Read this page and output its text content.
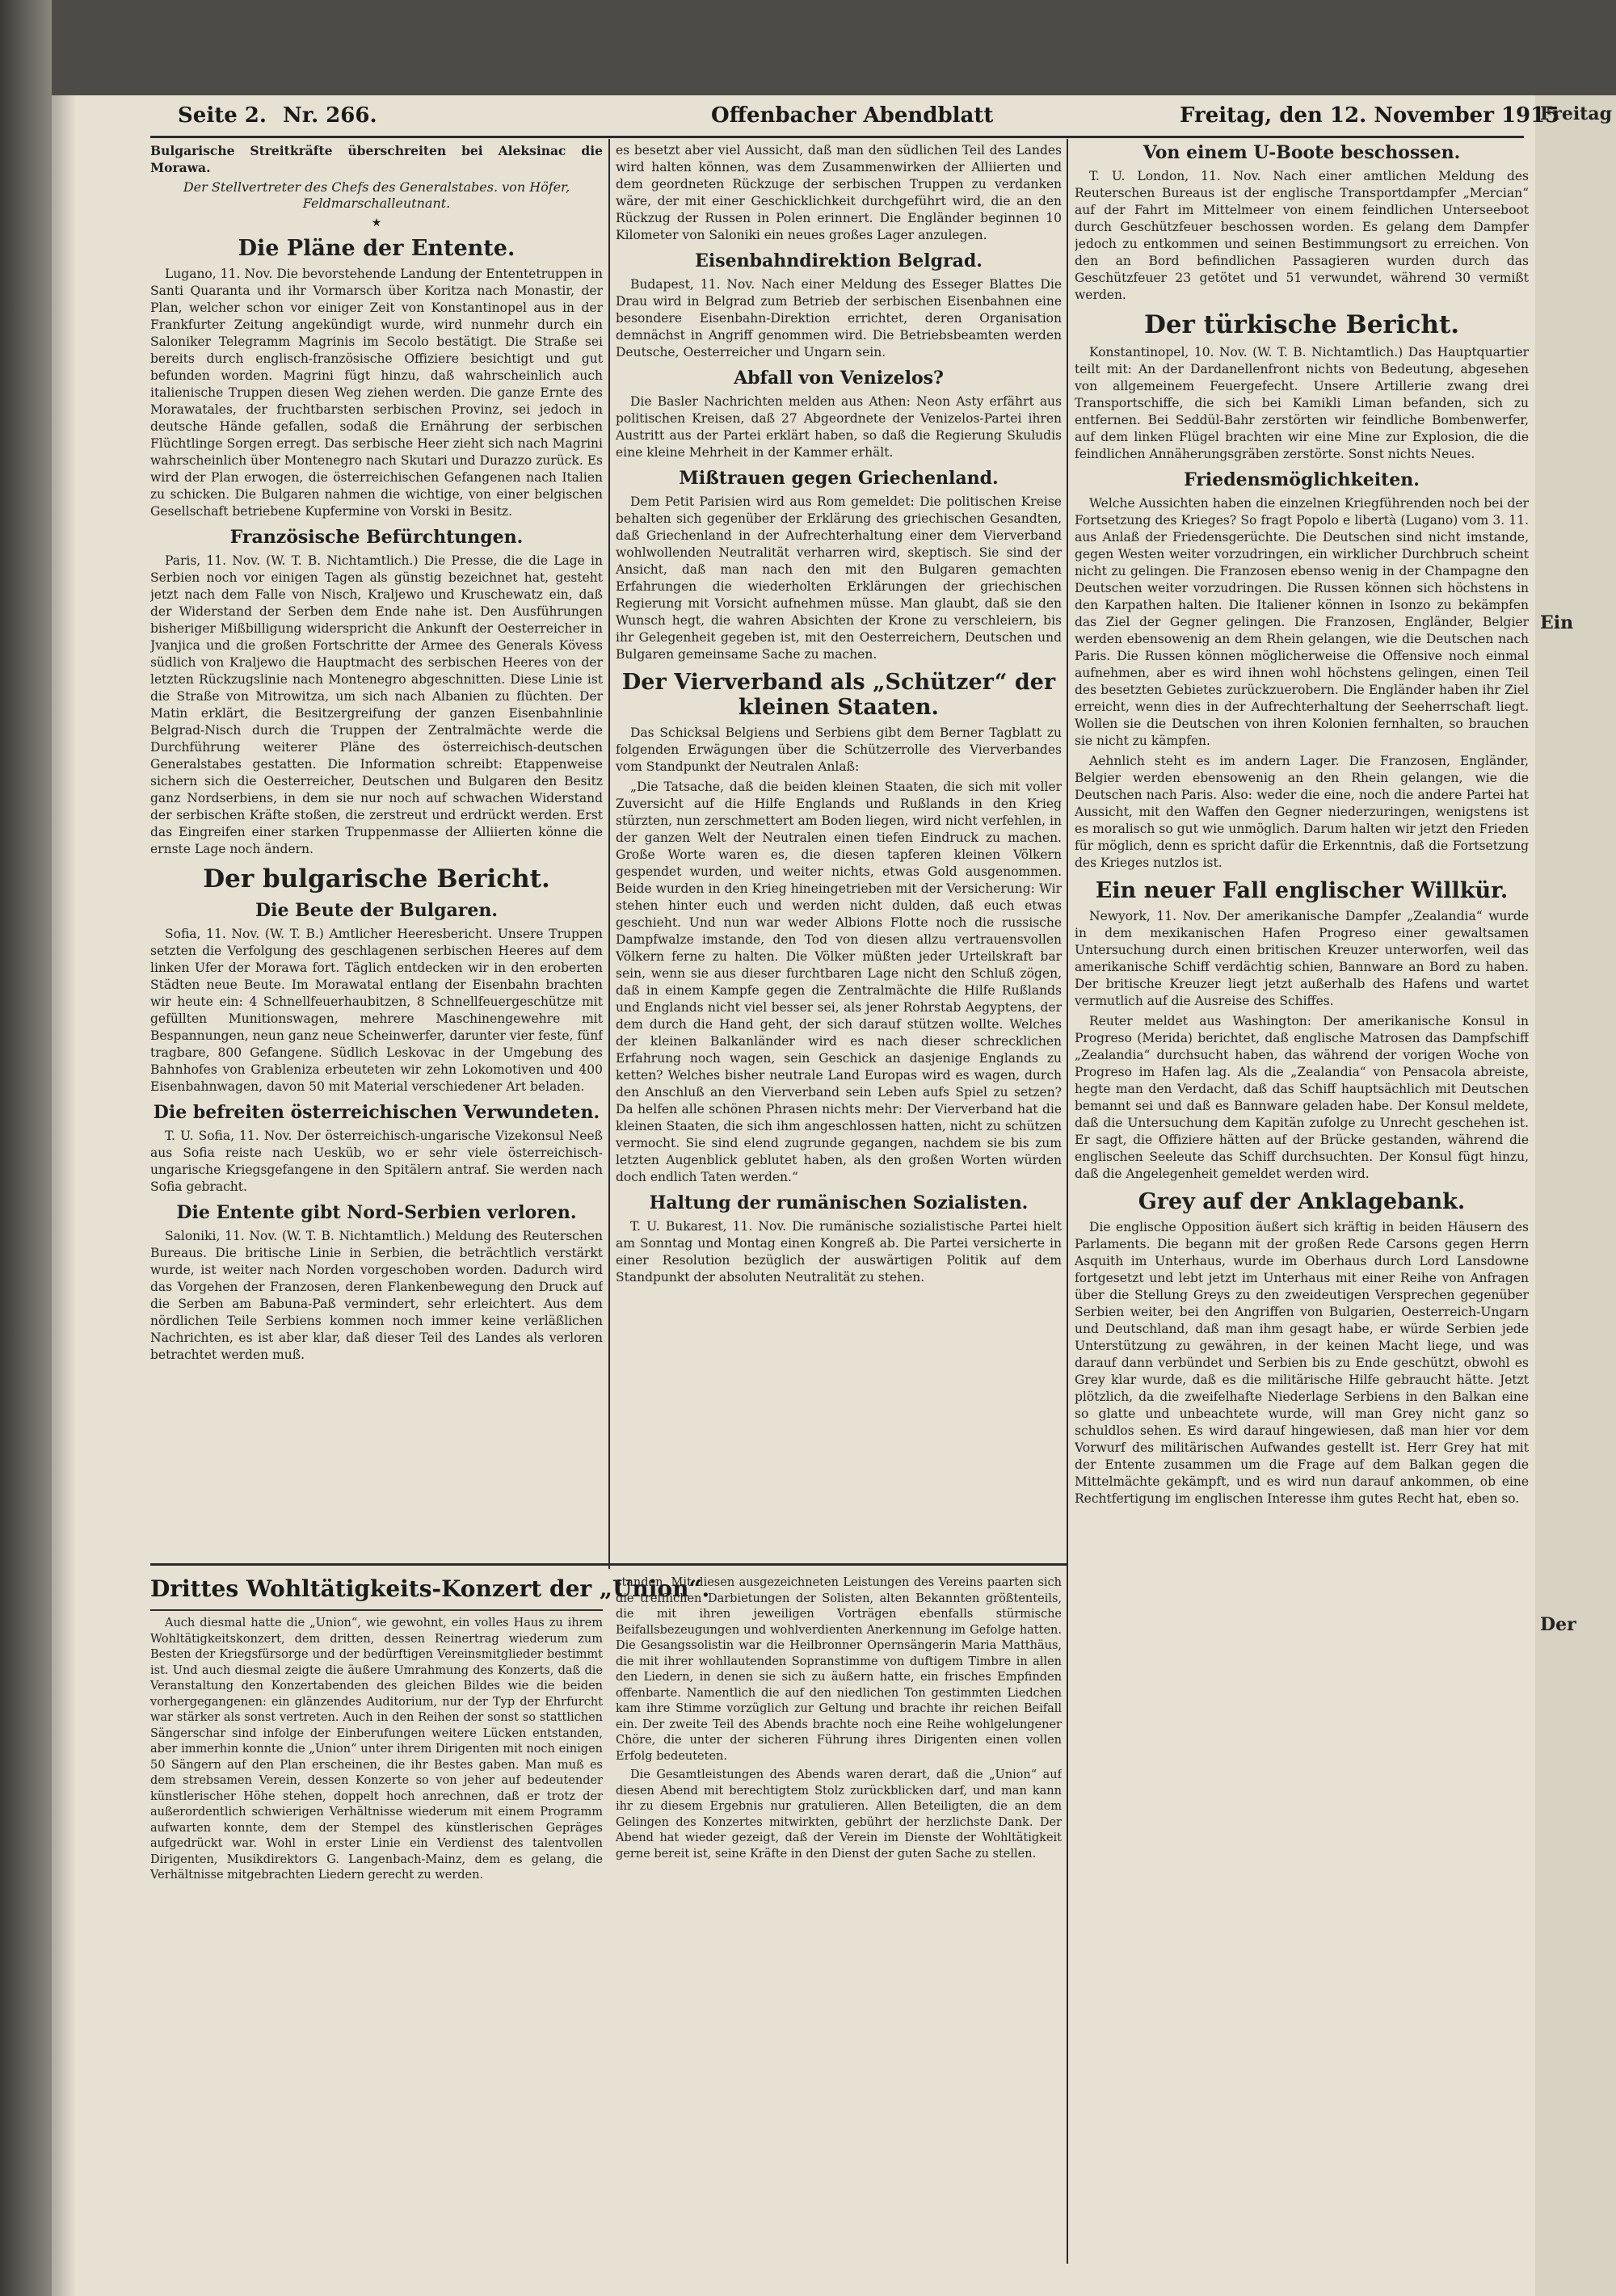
Freitag
Ein
Der
Seite 2. Nr. 266.	Offenbacher Abendblatt	Freitag, den 12. November 1915

Bulgarische Streitkräfte überschreiten bei Aleksinac die Morawa.

Der Stellvertreter des Chefs des Generalstabes. von Höfer, Feldmarschalleutnant.
★
Die Pläne der Entente.

Lugano, 11. Nov. Die bevorstehende Landung der Ententetruppen in Santi Quaranta und ihr Vormarsch über Koritza nach Monastir, der Plan, welcher schon vor einiger Zeit von Konstantinopel aus in der Frankfurter Zeitung angekündigt wurde, wird nunmehr durch ein Saloniker Telegramm Magrinis im Secolo bestätigt. Die Straße sei bereits durch englisch-französische Offiziere besichtigt und gut befunden worden. Magrini fügt hinzu, daß wahrscheinlich auch italienische Truppen diesen Weg ziehen werden. Die ganze Ernte des Morawatales, der fruchtbarsten serbischen Provinz, sei jedoch in deutsche Hände gefallen, sodaß die Ernährung der serbischen Flüchtlinge Sorgen erregt. Das serbische Heer zieht sich nach Magrini wahrscheinlich über Montenegro nach Skutari und Durazzo zurück. Es wird der Plan erwogen, die österreichischen Gefangenen nach Italien zu schicken. Die Bulgaren nahmen die wichtige, von einer belgischen Gesellschaft betriebene Kupfermine von Vorski in Besitz.

Französische Befürchtungen.

Paris, 11. Nov. (W. T. B. Nichtamtlich.) Die Presse, die die Lage in Serbien noch vor einigen Tagen als günstig bezeichnet hat, gesteht jetzt nach dem Falle von Nisch, Kraljewo und Kruschewatz ein, daß der Widerstand der Serben dem Ende nahe ist. Den Ausführungen bisheriger Mißbilligung widerspricht die Ankunft der Oesterreicher in Jvanjica und die großen Fortschritte der Armee des Generals Kövess südlich von Kraljewo die Hauptmacht des serbischen Heeres von der letzten Rückzugslinie nach Montenegro abgeschnitten. Diese Linie ist die Straße von Mitrowitza, um sich nach Albanien zu flüchten. Der Matin erklärt, die Besitzergreifung der ganzen Eisenbahnlinie Belgrad-Nisch durch die Truppen der Zentralmächte werde die Durchführung weiterer Pläne des österreichisch-deutschen Generalstabes gestatten. Die Information schreibt: Etappenweise sichern sich die Oesterreicher, Deutschen und Bulgaren den Besitz ganz Nordserbiens, in dem sie nur noch auf schwachen Widerstand der serbischen Kräfte stoßen, die zerstreut und erdrückt werden. Erst das Eingreifen einer starken Truppenmasse der Alliierten könne die ernste Lage noch ändern.

Der bulgarische Bericht.
Die Beute der Bulgaren.

Sofia, 11. Nov. (W. T. B.) Amtlicher Heeresbericht. Unsere Truppen setzten die Verfolgung des geschlagenen serbischen Heeres auf dem linken Ufer der Morawa fort. Täglich entdecken wir in den eroberten Städten neue Beute. Im Morawatal entlang der Eisenbahn brachten wir heute ein: 4 Schnellfeuerhaubitzen, 8 Schnellfeuergeschütze mit gefüllten Munitionswagen, mehrere Maschinengewehre mit Bespannungen, neun ganz neue Scheinwerfer, darunter vier feste, fünf tragbare, 800 Gefangene. Südlich Leskovac in der Umgebung des Bahnhofes von Grableniza erbeuteten wir zehn Lokomotiven und 400 Eisenbahnwagen, davon 50 mit Material verschiedener Art beladen.

Die befreiten österreichischen Verwundeten.

T. U. Sofia, 11. Nov. Der österreichisch-ungarische Vizekonsul Neeß aus Sofia reiste nach Uesküb, wo er sehr viele österreichisch-ungarische Kriegsgefangene in den Spitälern antraf. Sie werden nach Sofia gebracht.

Die Entente gibt Nord-Serbien verloren.

Saloniki, 11. Nov. (W. T. B. Nichtamtlich.) Meldung des Reuterschen Bureaus. Die britische Linie in Serbien, die beträchtlich verstärkt wurde, ist weiter nach Norden vorgeschoben worden. Dadurch wird das Vorgehen der Franzosen, deren Flankenbewegung den Druck auf die Serben am Babuna-Paß vermindert, sehr erleichtert. Aus dem nördlichen Teile Serbiens kommen noch immer keine verläßlichen Nachrichten, es ist aber klar, daß dieser Teil des Landes als verloren betrachtet werden muß.

es besetzt aber viel Aussicht, daß man den südlichen Teil des Landes wird halten können, was dem Zusammenwirken der Alliierten und dem geordneten Rückzuge der serbischen Truppen zu verdanken wäre, der mit einer Geschicklichkeit durchgeführt wird, die an den Rückzug der Russen in Polen erinnert. Die Engländer beginnen 10 Kilometer von Saloniki ein neues großes Lager anzulegen.

Eisenbahndirektion Belgrad.

Budapest, 11. Nov. Nach einer Meldung des Esseger Blattes Die Drau wird in Belgrad zum Betrieb der serbischen Eisenbahnen eine besondere Eisenbahn-Direktion errichtet, deren Organisation demnächst in Angriff genommen wird. Die Betriebsbeamten werden Deutsche, Oesterreicher und Ungarn sein.

Abfall von Venizelos?

Die Basler Nachrichten melden aus Athen: Neon Asty erfährt aus politischen Kreisen, daß 27 Abgeordnete der Venizelos-Partei ihren Austritt aus der Partei erklärt haben, so daß die Regierung Skuludis eine kleine Mehrheit in der Kammer erhält.

Mißtrauen gegen Griechenland.

Dem Petit Parisien wird aus Rom gemeldet: Die politischen Kreise behalten sich gegenüber der Erklärung des griechischen Gesandten, daß Griechenland in der Aufrechterhaltung einer dem Vierverband wohlwollenden Neutralität verharren wird, skeptisch. Sie sind der Ansicht, daß man nach den mit den Bulgaren gemachten Erfahrungen die wiederholten Erklärungen der griechischen Regierung mit Vorsicht aufnehmen müsse. Man glaubt, daß sie den Wunsch hegt, die wahren Absichten der Krone zu verschleiern, bis ihr Gelegenheit gegeben ist, mit den Oesterreichern, Deutschen und Bulgaren gemeinsame Sache zu machen.

Der Vierverband als „Schützer“ der kleinen Staaten.

Das Schicksal Belgiens und Serbiens gibt dem Berner Tagblatt zu folgenden Erwägungen über die Schützerrolle des Vierverbandes vom Standpunkt der Neutralen Anlaß:

„Die Tatsache, daß die beiden kleinen Staaten, die sich mit voller Zuversicht auf die Hilfe Englands und Rußlands in den Krieg stürzten, nun zerschmettert am Boden liegen, wird nicht verfehlen, in der ganzen Welt der Neutralen einen tiefen Eindruck zu machen. Große Worte waren es, die diesen tapferen kleinen Völkern gespendet wurden, und weiter nichts, etwas Gold ausgenommen. Beide wurden in den Krieg hineingetrieben mit der Versicherung: Wir stehen hinter euch und werden nicht dulden, daß euch etwas geschieht. Und nun war weder Albions Flotte noch die russische Dampfwalze imstande, den Tod von diesen allzu vertrauensvollen Völkern ferne zu halten. Die Völker müßten jeder Urteilskraft bar sein, wenn sie aus dieser furchtbaren Lage nicht den Schluß zögen, daß in einem Kampfe gegen die Zentralmächte die Hilfe Rußlands und Englands nicht viel besser sei, als jener Rohrstab Aegyptens, der dem durch die Hand geht, der sich darauf stützen wollte. Welches der kleinen Balkanländer wird es nach dieser schrecklichen Erfahrung noch wagen, sein Geschick an dasjenige Englands zu ketten? Welches bisher neutrale Land Europas wird es wagen, durch den Anschluß an den Vierverband sein Leben aufs Spiel zu setzen? Da helfen alle schönen Phrasen nichts mehr: Der Vierverband hat die kleinen Staaten, die sich ihm angeschlossen hatten, nicht zu schützen vermocht. Sie sind elend zugrunde gegangen, nachdem sie bis zum letzten Augenblick geblutet haben, als den großen Worten würden doch endlich Taten werden.“

Haltung der rumänischen Sozialisten.

T. U. Bukarest, 11. Nov. Die rumänische sozialistische Partei hielt am Sonntag und Montag einen Kongreß ab. Die Partei versicherte in einer Resolution bezüglich der auswärtigen Politik auf dem Standpunkt der absoluten Neutralität zu stehen.

Von einem U-Boote beschossen.

T. U. London, 11. Nov. Nach einer amtlichen Meldung des Reuterschen Bureaus ist der englische Transportdampfer „Mercian“ auf der Fahrt im Mittelmeer von einem feindlichen Unterseeboot durch Geschützfeuer beschossen worden. Es gelang dem Dampfer jedoch zu entkommen und seinen Bestimmungsort zu erreichen. Von den an Bord befindlichen Passagieren wurden durch das Geschützfeuer 23 getötet und 51 verwundet, während 30 vermißt werden.

Der türkische Bericht.

Konstantinopel, 10. Nov. (W. T. B. Nichtamtlich.) Das Hauptquartier teilt mit: An der Dardanellenfront nichts von Bedeutung, abgesehen von allgemeinem Feuergefecht. Unsere Artillerie zwang drei Transportschiffe, die sich bei Kamikli Liman befanden, sich zu entfernen. Bei Seddül-Bahr zerstörten wir feindliche Bombenwerfer, auf dem linken Flügel brachten wir eine Mine zur Explosion, die die feindlichen Annäherungsgräben zerstörte. Sonst nichts Neues.

Friedensmöglichkeiten.

Welche Aussichten haben die einzelnen Kriegführenden noch bei der Fortsetzung des Krieges? So fragt Popolo e libertà (Lugano) vom 3. 11. aus Anlaß der Friedensgerüchte. Die Deutschen sind nicht imstande, gegen Westen weiter vorzudringen, ein wirklicher Durchbruch scheint nicht zu gelingen. Die Franzosen ebenso wenig in der Champagne den Deutschen weiter vorzudringen. Die Russen können sich höchstens in den Karpathen halten. Die Italiener können in Isonzo zu bekämpfen das Ziel der Gegner gelingen. Die Franzosen, Engländer, Belgier werden ebensowenig an dem Rhein gelangen, wie die Deutschen nach Paris. Die Russen können möglicherweise die Offensive noch einmal aufnehmen, aber es wird ihnen wohl höchstens gelingen, einen Teil des besetzten Gebietes zurückzuerobern. Die Engländer haben ihr Ziel erreicht, wenn dies in der Aufrechterhaltung der Seeherrschaft liegt. Wollen sie die Deutschen von ihren Kolonien fernhalten, so brauchen sie nicht zu kämpfen.

Aehnlich steht es im andern Lager. Die Franzosen, Engländer, Belgier werden ebensowenig an den Rhein gelangen, wie die Deutschen nach Paris. Also: weder die eine, noch die andere Partei hat Aussicht, mit den Waffen den Gegner niederzuringen, wenigstens ist es moralisch so gut wie unmöglich. Darum halten wir jetzt den Frieden für möglich, denn es spricht dafür die Erkenntnis, daß die Fortsetzung des Krieges nutzlos ist.

Ein neuer Fall englischer Willkür.

Newyork, 11. Nov. Der amerikanische Dampfer „Zealandia“ wurde in dem mexikanischen Hafen Progreso einer gewaltsamen Untersuchung durch einen britischen Kreuzer unterworfen, weil das amerikanische Schiff verdächtig schien, Bannware an Bord zu haben. Der britische Kreuzer liegt jetzt außerhalb des Hafens und wartet vermutlich auf die Ausreise des Schiffes.

Reuter meldet aus Washington: Der amerikanische Konsul in Progreso (Merida) berichtet, daß englische Matrosen das Dampfschiff „Zealandia“ durchsucht haben, das während der vorigen Woche von Progreso im Hafen lag. Als die „Zealandia“ von Pensacola abreiste, hegte man den Verdacht, daß das Schiff hauptsächlich mit Deutschen bemannt sei und daß es Bannware geladen habe. Der Konsul meldete, daß die Untersuchung dem Kapitän zufolge zu Unrecht geschehen ist. Er sagt, die Offiziere hätten auf der Brücke gestanden, während die englischen Seeleute das Schiff durchsuchten. Der Konsul fügt hinzu, daß die Angelegenheit gemeldet werden wird.

Grey auf der Anklagebank.

Die englische Opposition äußert sich kräftig in beiden Häusern des Parlaments. Die begann mit der großen Rede Carsons gegen Herrn Asquith im Unterhaus, wurde im Oberhaus durch Lord Lansdowne fortgesetzt und lebt jetzt im Unterhaus mit einer Reihe von Anfragen über die Stellung Greys zu den zweideutigen Versprechen gegenüber Serbien weiter, bei den Angriffen von Bulgarien, Oesterreich-Ungarn und Deutschland, daß man ihm gesagt habe, er würde Serbien jede Unterstützung zu gewähren, in der keinen Macht liege, und was darauf dann verbündet und Serbien bis zu Ende geschützt, obwohl es Grey klar wurde, daß es die militärische Hilfe gebraucht hätte. Jetzt plötzlich, da die zweifelhafte Niederlage Serbiens in den Balkan eine so glatte und unbeachtete wurde, will man Grey nicht ganz so schuldlos sehen. Es wird darauf hingewiesen, daß man hier vor dem Vorwurf des militärischen Aufwandes gestellt ist. Herr Grey hat mit der Entente zusammen um die Frage auf dem Balkan gegen die Mittelmächte gekämpft, und es wird nun darauf ankommen, ob eine Rechtfertigung im englischen Interesse ihm gutes Recht hat, eben so.

Drittes Wohltätigkeits-Konzert der „Union“.

Auch diesmal hatte die „Union“, wie gewohnt, ein volles Haus zu ihrem Wohltätigkeitskonzert, dem dritten, dessen Reinertrag wiederum zum Besten der Kriegsfürsorge und der bedürftigen Vereinsmitglieder bestimmt ist. Und auch diesmal zeigte die äußere Umrahmung des Konzerts, daß die Veranstaltung den Konzertabenden des gleichen Bildes wie die beiden vorhergegangenen: ein glänzendes Auditorium, nur der Typ der Ehrfurcht war stärker als sonst vertreten. Auch in den Reihen der sonst so stattlichen Sängerschar sind infolge der Einberufungen weitere Lücken entstanden, aber immerhin konnte die „Union“ unter ihrem Dirigenten mit noch einigen 50 Sängern auf den Plan erscheinen, die ihr Bestes gaben. Man muß es dem strebsamen Verein, dessen Konzerte so von jeher auf bedeutender künstlerischer Höhe stehen, doppelt hoch anrechnen, daß er trotz der außerordentlich schwierigen Verhältnisse wiederum mit einem Programm aufwarten konnte, dem der Stempel des künstlerischen Gepräges aufgedrückt war. Wohl in erster Linie ein Verdienst des talentvollen Dirigenten, Musikdirektors G. Langenbach-Mainz, dem es gelang, die Verhältnisse mitgebrachten Liedern gerecht zu werden.

standen. Mit diesen ausgezeichneten Leistungen des Vereins paarten sich die trefflichen Darbietungen der Solisten, alten Bekannten größtenteils, die mit ihren jeweiligen Vorträgen ebenfalls stürmische Beifallsbezeugungen und wohlverdienten Anerkennung im Gefolge hatten. Die Gesangssolistin war die Heilbronner Opernsängerin Maria Matthäus, die mit ihrer wohllautenden Sopranstimme von duftigem Timbre in allen den Liedern, in denen sie sich zu äußern hatte, ein frisches Empfinden offenbarte. Namentlich die auf den niedlichen Ton gestimmten Liedchen kam ihre Stimme vorzüglich zur Geltung und brachte ihr reichen Beifall ein. Der zweite Teil des Abends brachte noch eine Reihe wohlgelungener Chöre, die unter der sicheren Führung ihres Dirigenten einen vollen Erfolg bedeuteten.

Die Gesamtleistungen des Abends waren derart, daß die „Union“ auf diesen Abend mit berechtigtem Stolz zurückblicken darf, und man kann ihr zu diesem Ergebnis nur gratulieren. Allen Beteiligten, die an dem Gelingen des Konzertes mitwirkten, gebührt der herzlichste Dank. Der Abend hat wieder gezeigt, daß der Verein im Dienste der Wohltätigkeit gerne bereit ist, seine Kräfte in den Dienst der guten Sache zu stellen.
